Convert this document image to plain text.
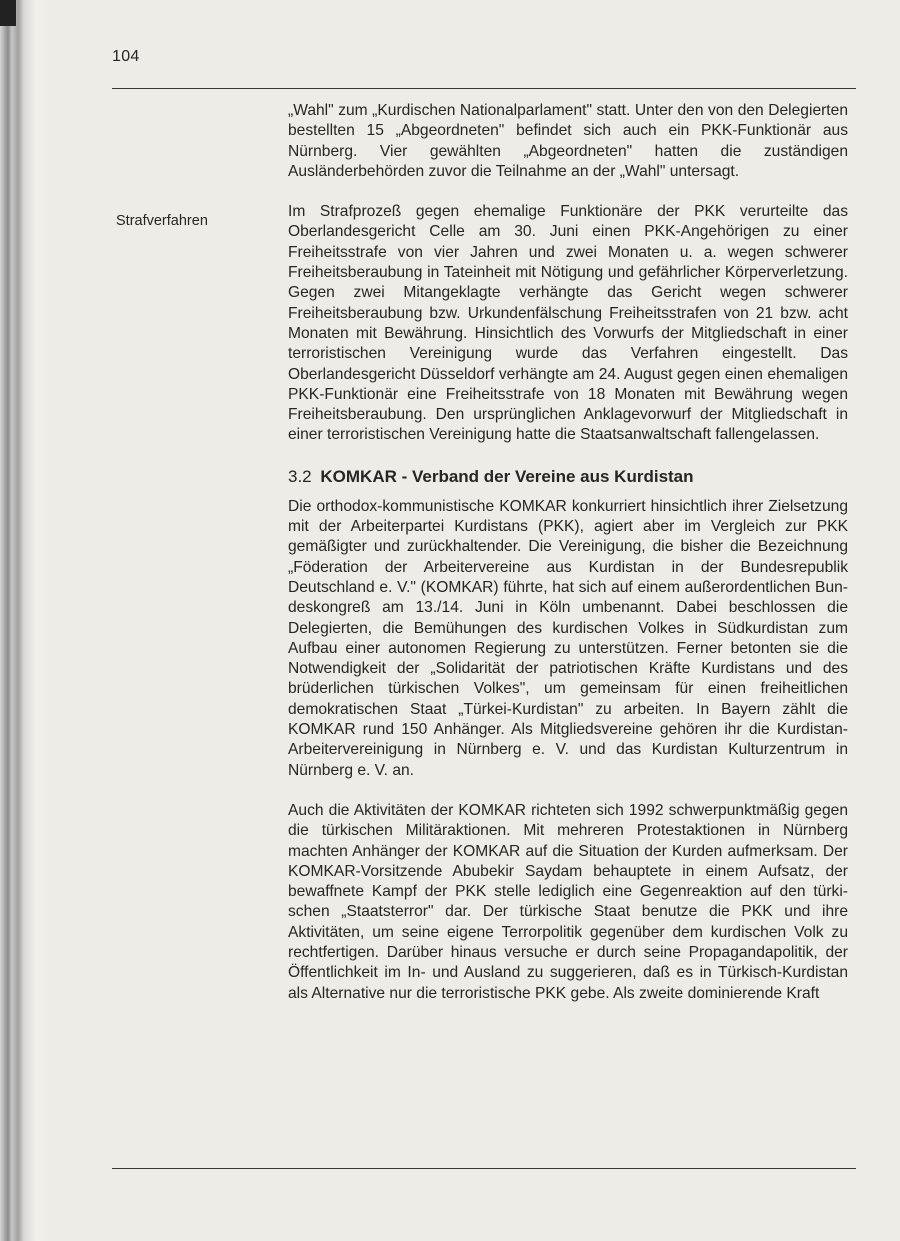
104
Strafverfahren

„Wahl" zum „Kurdischen Nationalparlament" statt. Unter den von den Delegierten bestellten 15 „Abgeordneten" befindet sich auch ein PKK-Funktionär aus Nürnberg. Vier gewählten „Abgeordneten" hatten die zuständigen Ausländerbehörden zuvor die Teilnahme an der „Wahl" untersagt.

Im Strafprozeß gegen ehemalige Funktionäre der PKK verurteilte das Oberlandesgericht Celle am 30. Juni einen PKK-Angehörigen zu einer Freiheitsstrafe von vier Jahren und zwei Monaten u. a. wegen schwerer Freiheitsberaubung in Tateinheit mit Nötigung und gefährlicher Körperverletzung. Gegen zwei Mitangeklagte verhängte das Gericht wegen schwerer Freiheitsberaubung bzw. Urkundenfälschung Freiheitsstrafen von 21 bzw. acht Monaten mit Bewährung. Hinsichtlich des Vorwurfs der Mitgliedschaft in einer terroristischen Vereinigung wurde das Verfahren eingestellt. Das Oberlandesgericht Düsseldorf verhängte am 24. August gegen einen ehemaligen PKK-Funktionär eine Freiheitsstrafe von 18 Monaten mit Bewährung wegen Freiheitsberaubung. Den ursprünglichen Anklagevorwurf der Mitgliedschaft in einer terroristischen Vereinigung hatte die Staatsanwaltschaft fallengelassen.

3.2 KOMKAR - Verband der Vereine aus Kurdistan

Die orthodox-kommunistische KOMKAR konkurriert hinsichtlich ihrer Zielsetzung mit der Arbeiterpartei Kurdistans (PKK), agiert aber im Vergleich zur PKK gemäßigter und zurückhaltender. Die Vereinigung, die bisher die Bezeichnung „Föderation der Arbeitervereine aus Kurdistan in der Bundesrepublik Deutschland e. V." (KOMKAR) führte, hat sich auf einem außerordentlichen Bundeskongreß am 13./14. Juni in Köln umbenannt. Dabei beschlossen die Delegierten, die Bemühungen des kurdischen Volkes in Südkurdistan zum Aufbau einer autonomen Regierung zu unterstützen. Ferner betonten sie die Notwendigkeit der „Solidarität der patriotischen Kräfte Kurdistans und des brüderlichen türkischen Volkes", um gemeinsam für einen freiheitlichen demokratischen Staat „Türkei-Kurdistan" zu arbeiten. In Bayern zählt die KOMKAR rund 150 Anhänger. Als Mitgliedsvereine gehören ihr die Kurdistan-Arbeitervereinigung in Nürnberg e. V. und das Kurdistan Kulturzentrum in Nürnberg e. V. an.

Auch die Aktivitäten der KOMKAR richteten sich 1992 schwerpunktmäßig gegen die türkischen Militäraktionen. Mit mehreren Protestaktionen in Nürnberg machten Anhänger der KOMKAR auf die Situation der Kurden aufmerksam. Der KOMKAR-Vorsitzende Abubekir Saydam behauptete in einem Aufsatz, der bewaffnete Kampf der PKK stelle lediglich eine Gegenreaktion auf den türkischen „Staatsterror" dar. Der türkische Staat benutze die PKK und ihre Aktivitäten, um seine eigene Terrorpolitik gegenüber dem kurdischen Volk zu rechtfertigen. Darüber hinaus versuche er durch seine Propagandapolitik, der Öffentlichkeit im In- und Ausland zu suggerieren, daß es in Türkisch-Kurdistan als Alternative nur die terroristische PKK gebe. Als zweite dominierende Kraft
